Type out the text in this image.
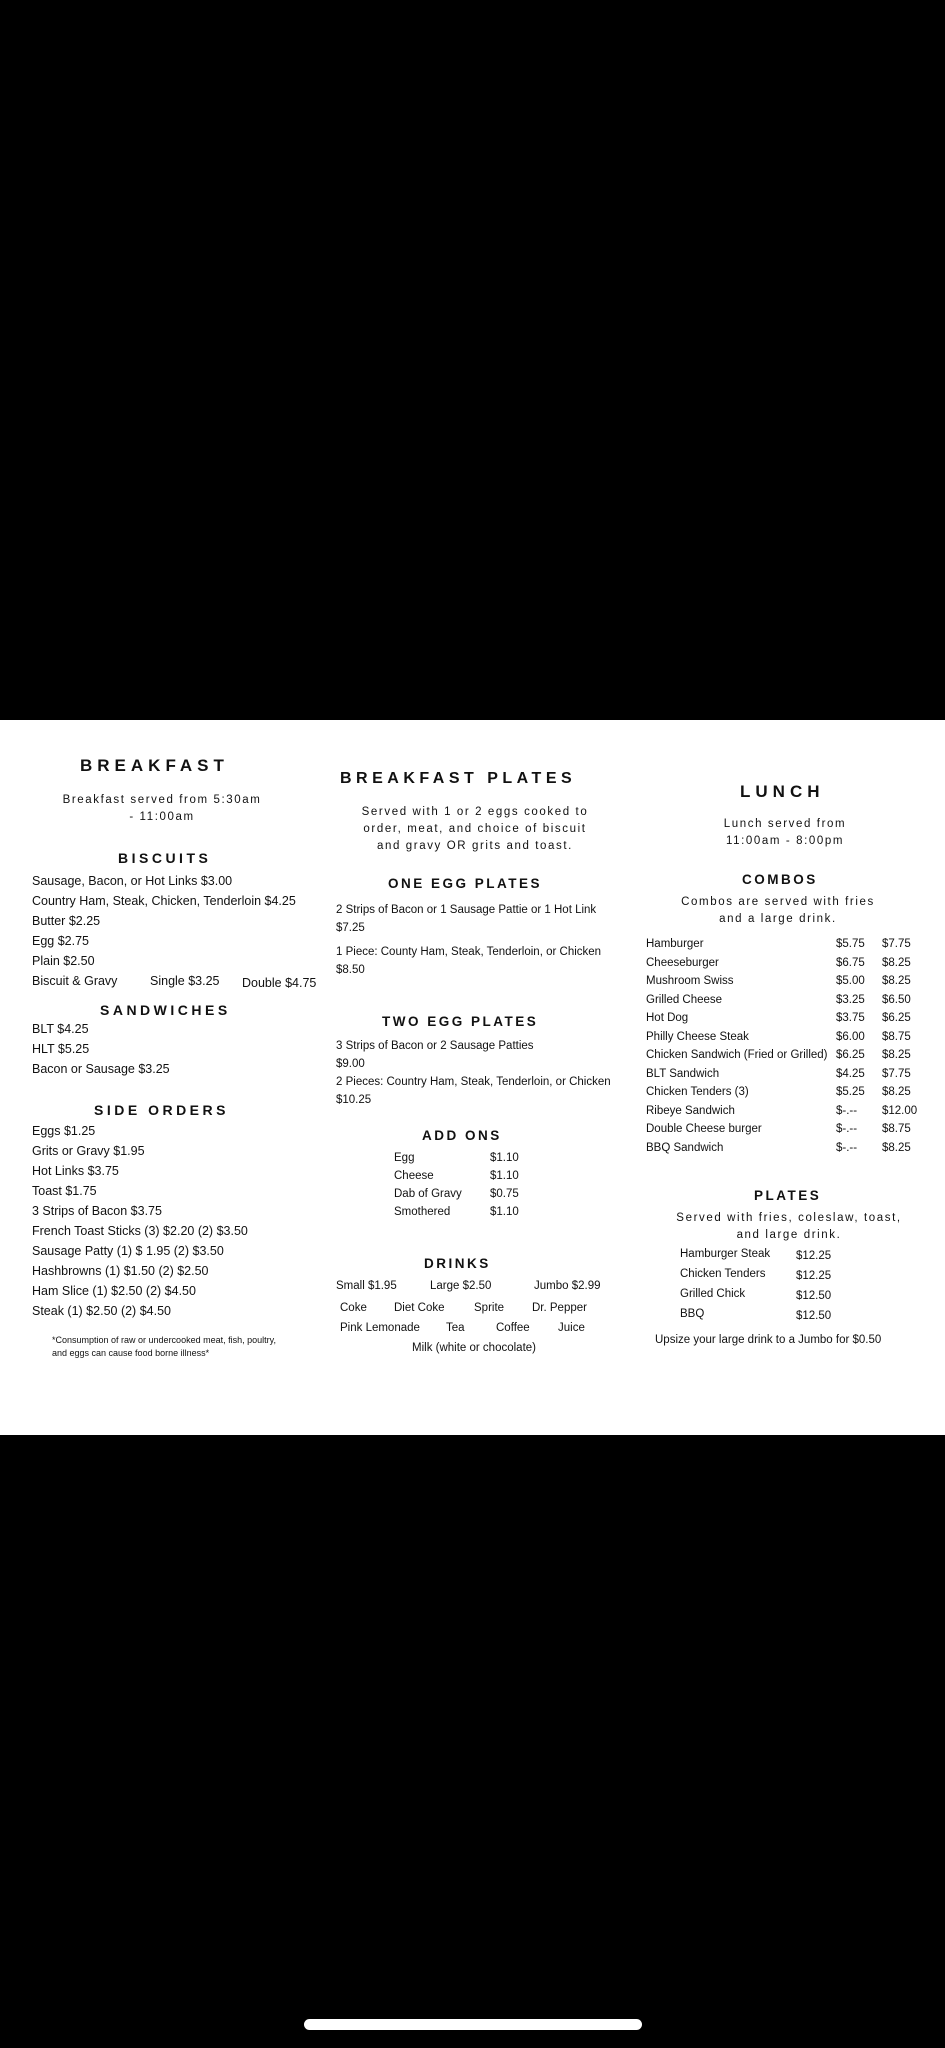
BREAKFAST
Breakfast served from 5:30am - 11:00am
BISCUITS
Sausage, Bacon, or Hot Links $3.00
Country Ham, Steak, Chicken, Tenderloin $4.25
Butter $2.25
Egg $2.75
Plain $2.50
Biscuit & Gravy	Single $3.25 Double $4.75
SANDWICHES
BLT $4.25
HLT $5.25
Bacon or Sausage $3.25
SIDE ORDERS
Eggs $1.25
Grits or Gravy $1.95
Hot Links $3.75
Toast $1.75
3 Strips of Bacon $3.75
French Toast Sticks (3) $2.20 (2) $3.50
Sausage Patty (1) $ 1.95 (2) $3.50
Hashbrowns (1) $1.50 (2) $2.50
Ham Slice (1) $2.50 (2) $4.50
Steak (1) $2.50 (2) $4.50
*Consumption of raw or undercooked meat, fish, poultry, and eggs can cause food borne illness*
BREAKFAST PLATES
Served with 1 or 2 eggs cooked to order, meat, and choice of biscuit and gravy OR grits and toast.
ONE EGG PLATES
2 Strips of Bacon or 1 Sausage Pattie or 1 Hot Link
$7.25
1 Piece: County Ham, Steak, Tenderloin, or Chicken
$8.50
TWO EGG PLATES
3 Strips of Bacon or 2 Sausage Patties
$9.00
2 Pieces: Country Ham, Steak, Tenderloin, or Chicken
$10.25
ADD ONS
Egg	$1.10
Cheese	$1.10
Dab of Gravy $0.75
Smothered	$1.10
DRINKS
Small $1.95	Large $2.50	Jumbo $2.99
Coke Diet Coke	Sprite Dr. Pepper
Pink Lemonade Tea	Coffee Juice
Milk (white or chocolate)
LUNCH
Lunch served from 11:00am - 8:00pm
COMBOS
Combos are served with fries and a large drink.
Hamburger	$5.75 $7.75
Cheeseburger	$6.75 $8.25
Mushroom Swiss	$5.00 $8.25
Grilled Cheese	$3.25 $6.50
Hot Dog	$3.75 $6.25
Philly Cheese Steak	$6.00 $8.75
Chicken Sandwich (Fried or Grilled) $6.25 $8.25
BLT Sandwich	$4.25 $7.75
Chicken Tenders (3)	$5.25 $8.25
Ribeye Sandwich	$-.-- $12.00
Double Cheese burger	$-.-- $8.75
BBQ Sandwich	$-.-- $8.25
PLATES
Served with fries, coleslaw, toast, and large drink.
Hamburger Steak $12.25
Chicken Tenders	$12.25
Grilled Chick	$12.50
BBQ	$12.50
Upsize your large drink to a Jumbo for $0.50
